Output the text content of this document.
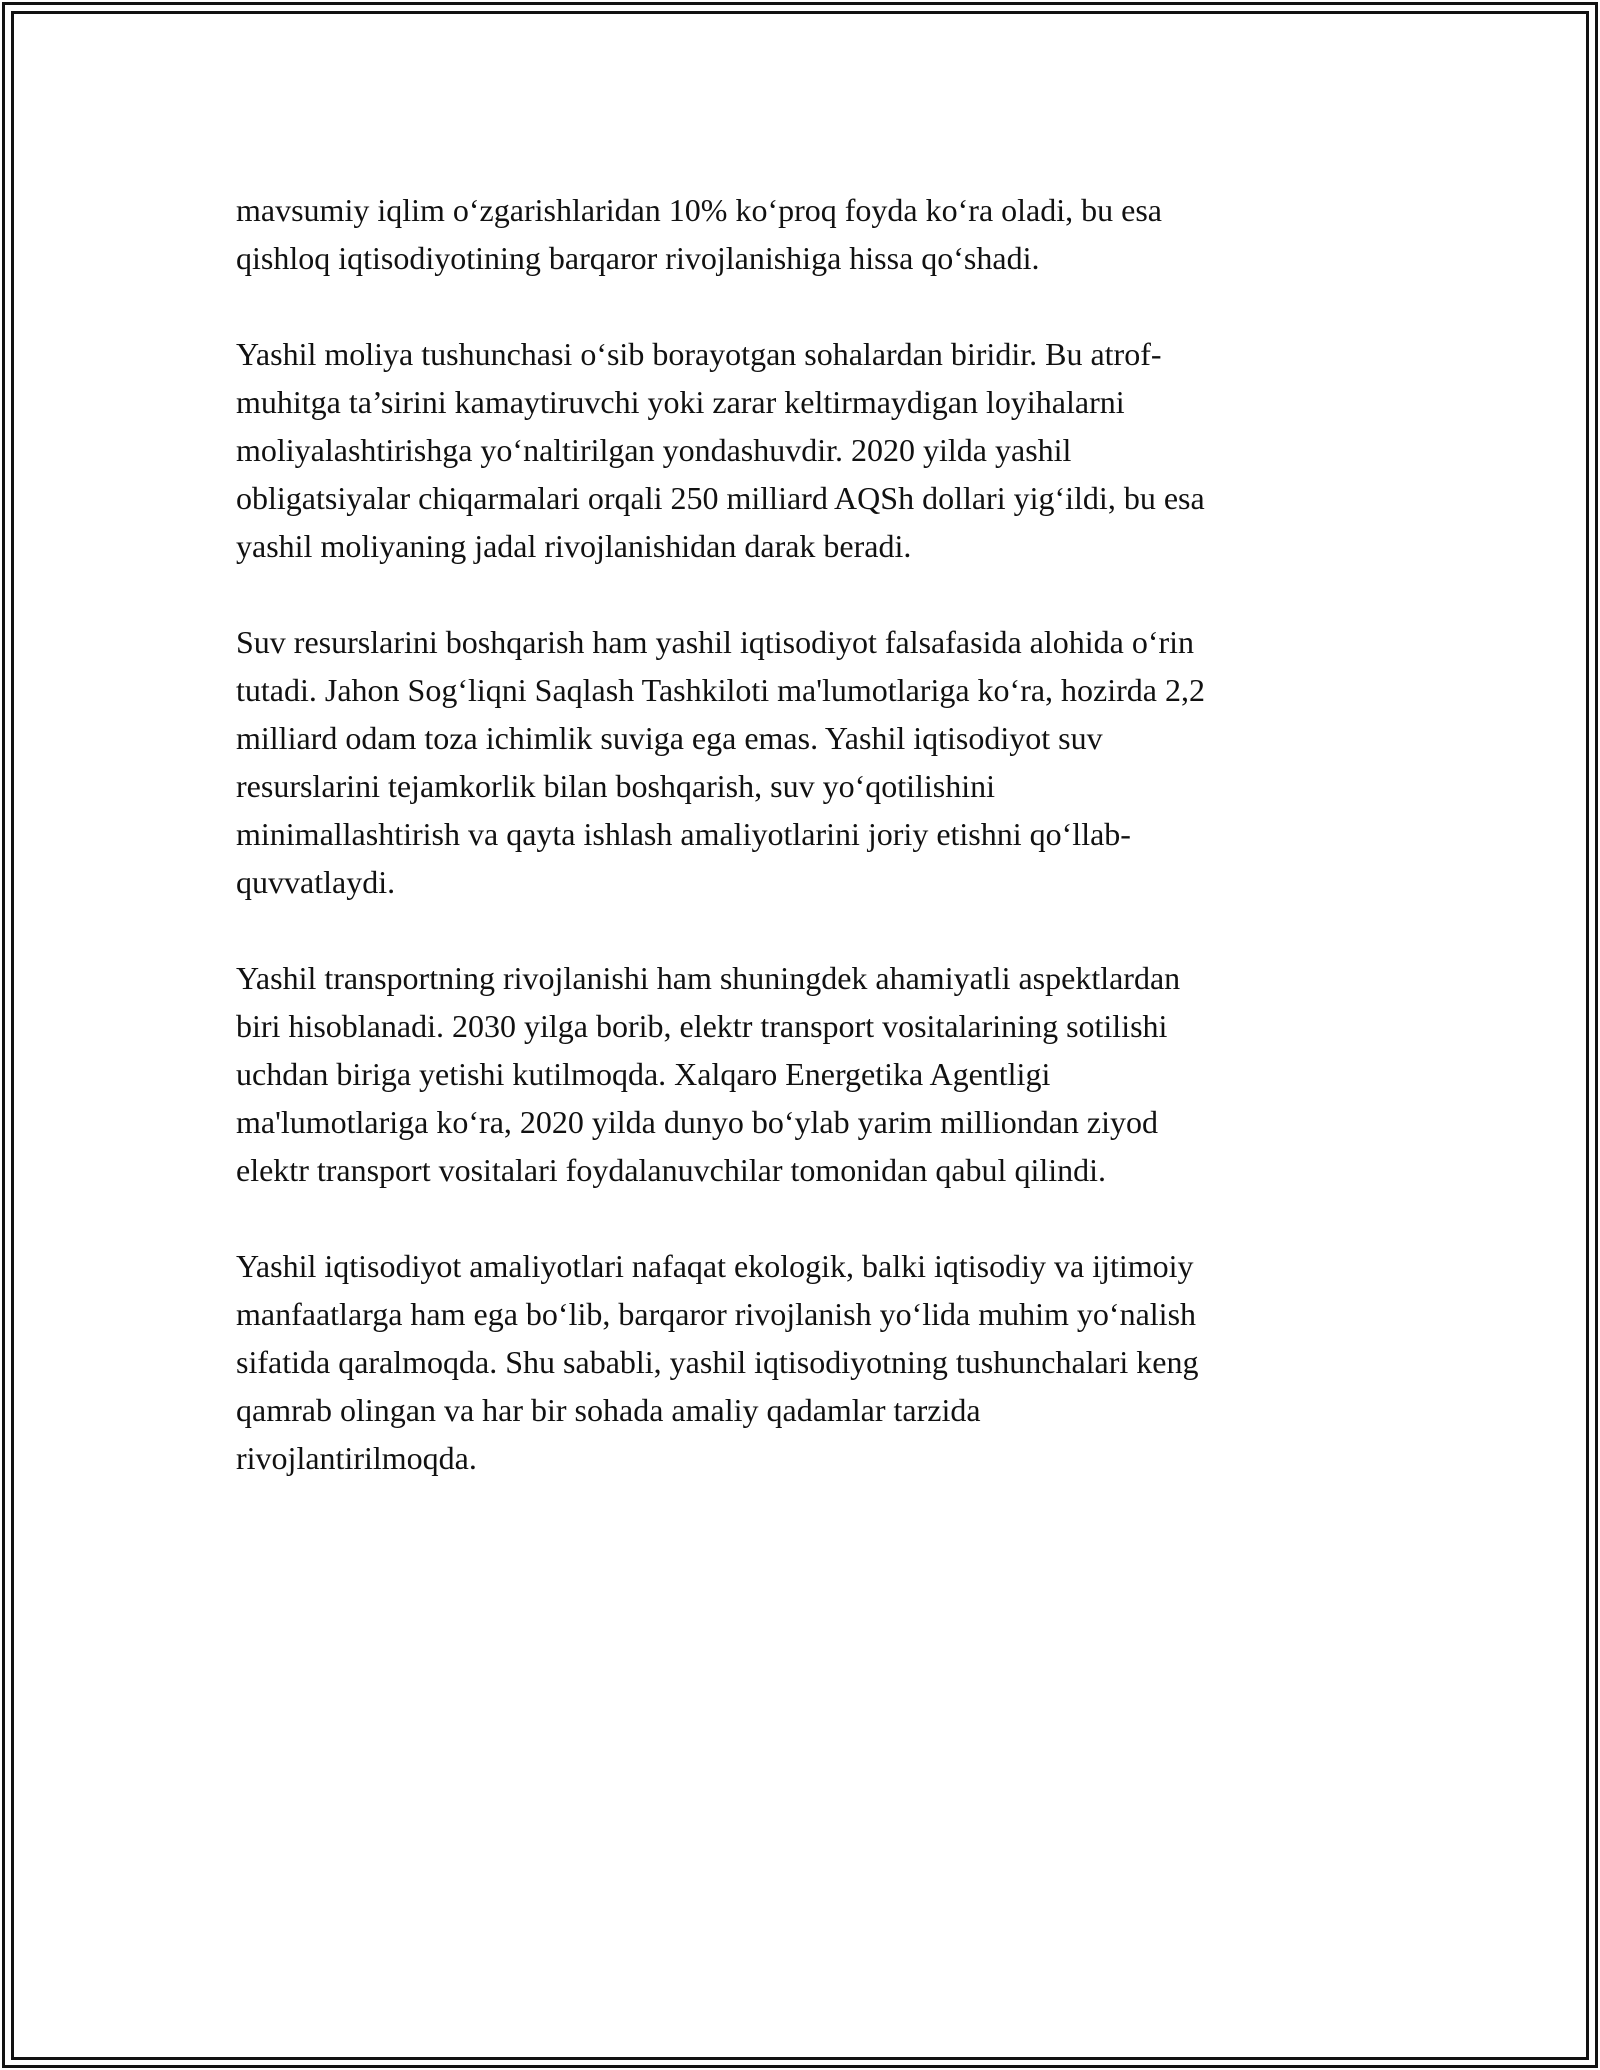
mavsumiy iqlim o‘zgarishlaridan 10% ko‘proq foyda ko‘ra oladi, bu esa
qishloq iqtisodiyotining barqaror rivojlanishiga hissa qo‘shadi.

Yashil moliya tushunchasi o‘sib borayotgan sohalardan biridir. Bu atrof-
muhitga ta’sirini kamaytiruvchi yoki zarar keltirmaydigan loyihalarni
moliyalashtirishga yo‘naltirilgan yondashuvdir. 2020 yilda yashil
obligatsiyalar chiqarmalari orqali 250 milliard AQSh dollari yig‘ildi, bu esa
yashil moliyaning jadal rivojlanishidan darak beradi.

Suv resurslarini boshqarish ham yashil iqtisodiyot falsafasida alohida o‘rin
tutadi. Jahon Sog‘liqni Saqlash Tashkiloti ma'lumotlariga ko‘ra, hozirda 2,2
milliard odam toza ichimlik suviga ega emas. Yashil iqtisodiyot suv
resurslarini tejamkorlik bilan boshqarish, suv yo‘qotilishini
minimallashtirish va qayta ishlash amaliyotlarini joriy etishni qo‘llab-
quvvatlaydi.

Yashil transportning rivojlanishi ham shuningdek ahamiyatli aspektlardan
biri hisoblanadi. 2030 yilga borib, elektr transport vositalarining sotilishi
uchdan biriga yetishi kutilmoqda. Xalqaro Energetika Agentligi
ma'lumotlariga ko‘ra, 2020 yilda dunyo bo‘ylab yarim milliondan ziyod
elektr transport vositalari foydalanuvchilar tomonidan qabul qilindi.

Yashil iqtisodiyot amaliyotlari nafaqat ekologik, balki iqtisodiy va ijtimoiy
manfaatlarga ham ega bo‘lib, barqaror rivojlanish yo‘lida muhim yo‘nalish
sifatida qaralmoqda. Shu sababli, yashil iqtisodiyotning tushunchalari keng
qamrab olingan va har bir sohada amaliy qadamlar tarzida
rivojlantirilmoqda.
